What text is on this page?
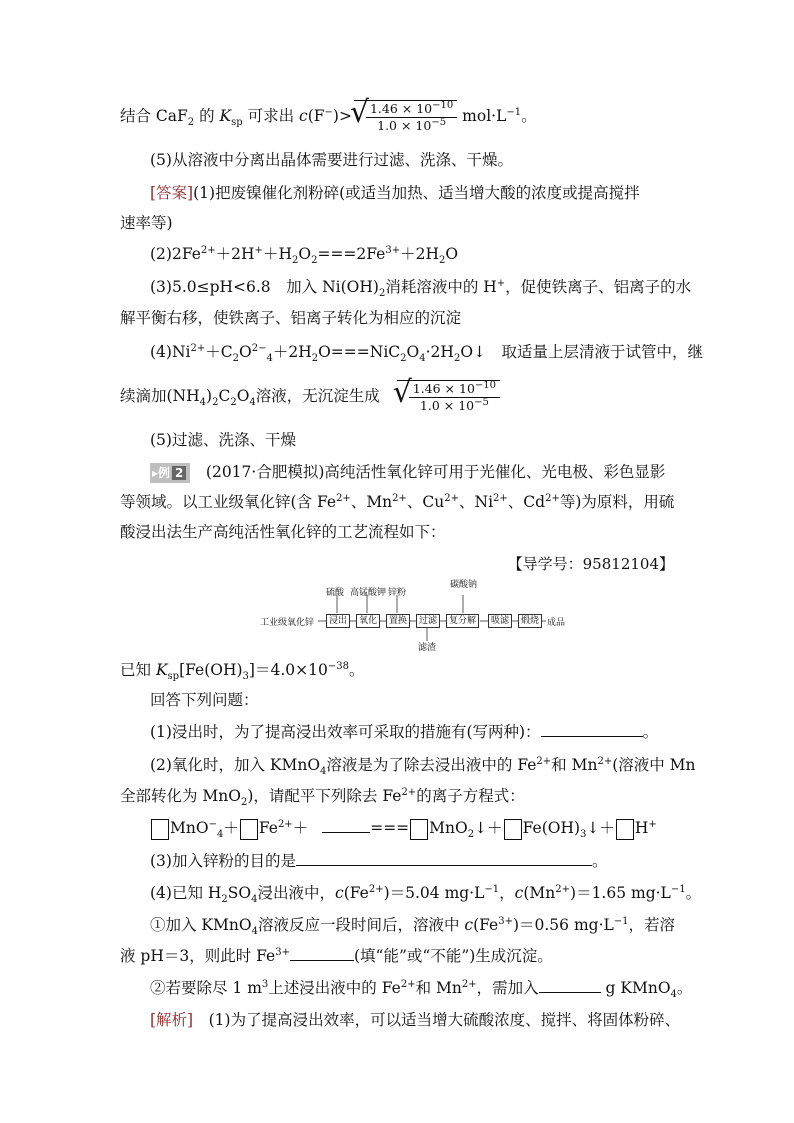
结合 CaF$_2$ 的 $K_{sp}$ 可求出 c(F−)> √ $\frac{1.46 \times 10^{-10}}{1.0 \times 10^{-5}} mol\cdot L^{-1}$。
(5)从溶液中分离出晶体需要进行过滤、洗涤、干燥。
[答案](1)把废镍催化剂粉碎(或适当加热、适当增大酸的浓度或提高搅拌
速率等)
$(2)2Fe^{2+}+2H^++H_2O_2===2Fe^{3+}+2H_2O$
(3)5.0≤pH<6.8　加入 $Ni(OH)_2$消耗溶液中的 H+，促使铁离子、铝离子的水
解平衡右移，使铁离子、铝离子转化为相应的沉淀
$(4)Ni^{2+}+C_2O^{2-}_4+2H_2O===NiC_2O_4\cdot 2H_2O↓$　取适量上层清液于试管中，继
续滴加$(NH_4)_2C_2O_4$溶液，无沉淀生成 √ $\frac{1.46 \times 10^{-10}}{1.0 \times 10^{-5}}$
(5)过滤、洗涤、干燥
▸例 2　(2017·合肥模拟)高纯活性氧化锌可用于光催化、光电极、彩色显影
等领域。以工业级氧化锌(含 $Fe^{2+}$、$Mn^{2+}$、$Cu^{2+}$、$Ni^{2+}$、$Cd^{2+}$等)为原料，用硫
酸浸出法生产高纯活性氧化锌的工艺流程如下：
【导学号：95812104】
工业级氧化锌	浸出	氧化	置换	过滤	复分解	吸滤	煅烧 成品
硫酸 高锰酸钾 锌粉
碳酸钠
滤渣
已知 $K_{sp}[Fe(OH)_3]=4.0\times 10^{-38}$。
回答下列问题：
(1)浸出时，为了提高浸出效率可采取的措施有(写两种)：	。
(2)氧化时，加入 KMnO$_4$溶液是为了除去浸出液中的 $Fe^{2+}$和 $Mn^{2+}$(溶液中 Mn
全部转化为 MnO$_2$)，请配平下列除去 $Fe^{2+}$的离子方程式：
$MnO^-_4+ Fe^{2+}+$	=== MnO$_2$↓＋ $Fe(OH)_3↓+ H^+$
(3)加入锌粉的目的是	。
(4)已知 $H_2SO_4$浸出液中，$c(Fe^{2+})=5.04$ $mg\cdot L^{-1}$，$c(Mn^{2+})=1.65$ $mg\cdot L^{-1}$。
①加入 KMnO$_4$溶液反应一段时间后，溶液中 $c(Fe^{3+})=0.56$ $mg\cdot L^{-1}$，若溶
液 pH＝3，则此时 $Fe^{3+}$	(填“能”或“不能”)生成沉淀。
②若要除尽 1 $m^3$上述浸出液中的 $Fe^{2+}$和 $Mn^{2+}$，需加入	g KMnO$_4$。
[解析]　(1)为了提高浸出效率，可以适当增大硫酸浓度、搅拌、将固体粉碎、
